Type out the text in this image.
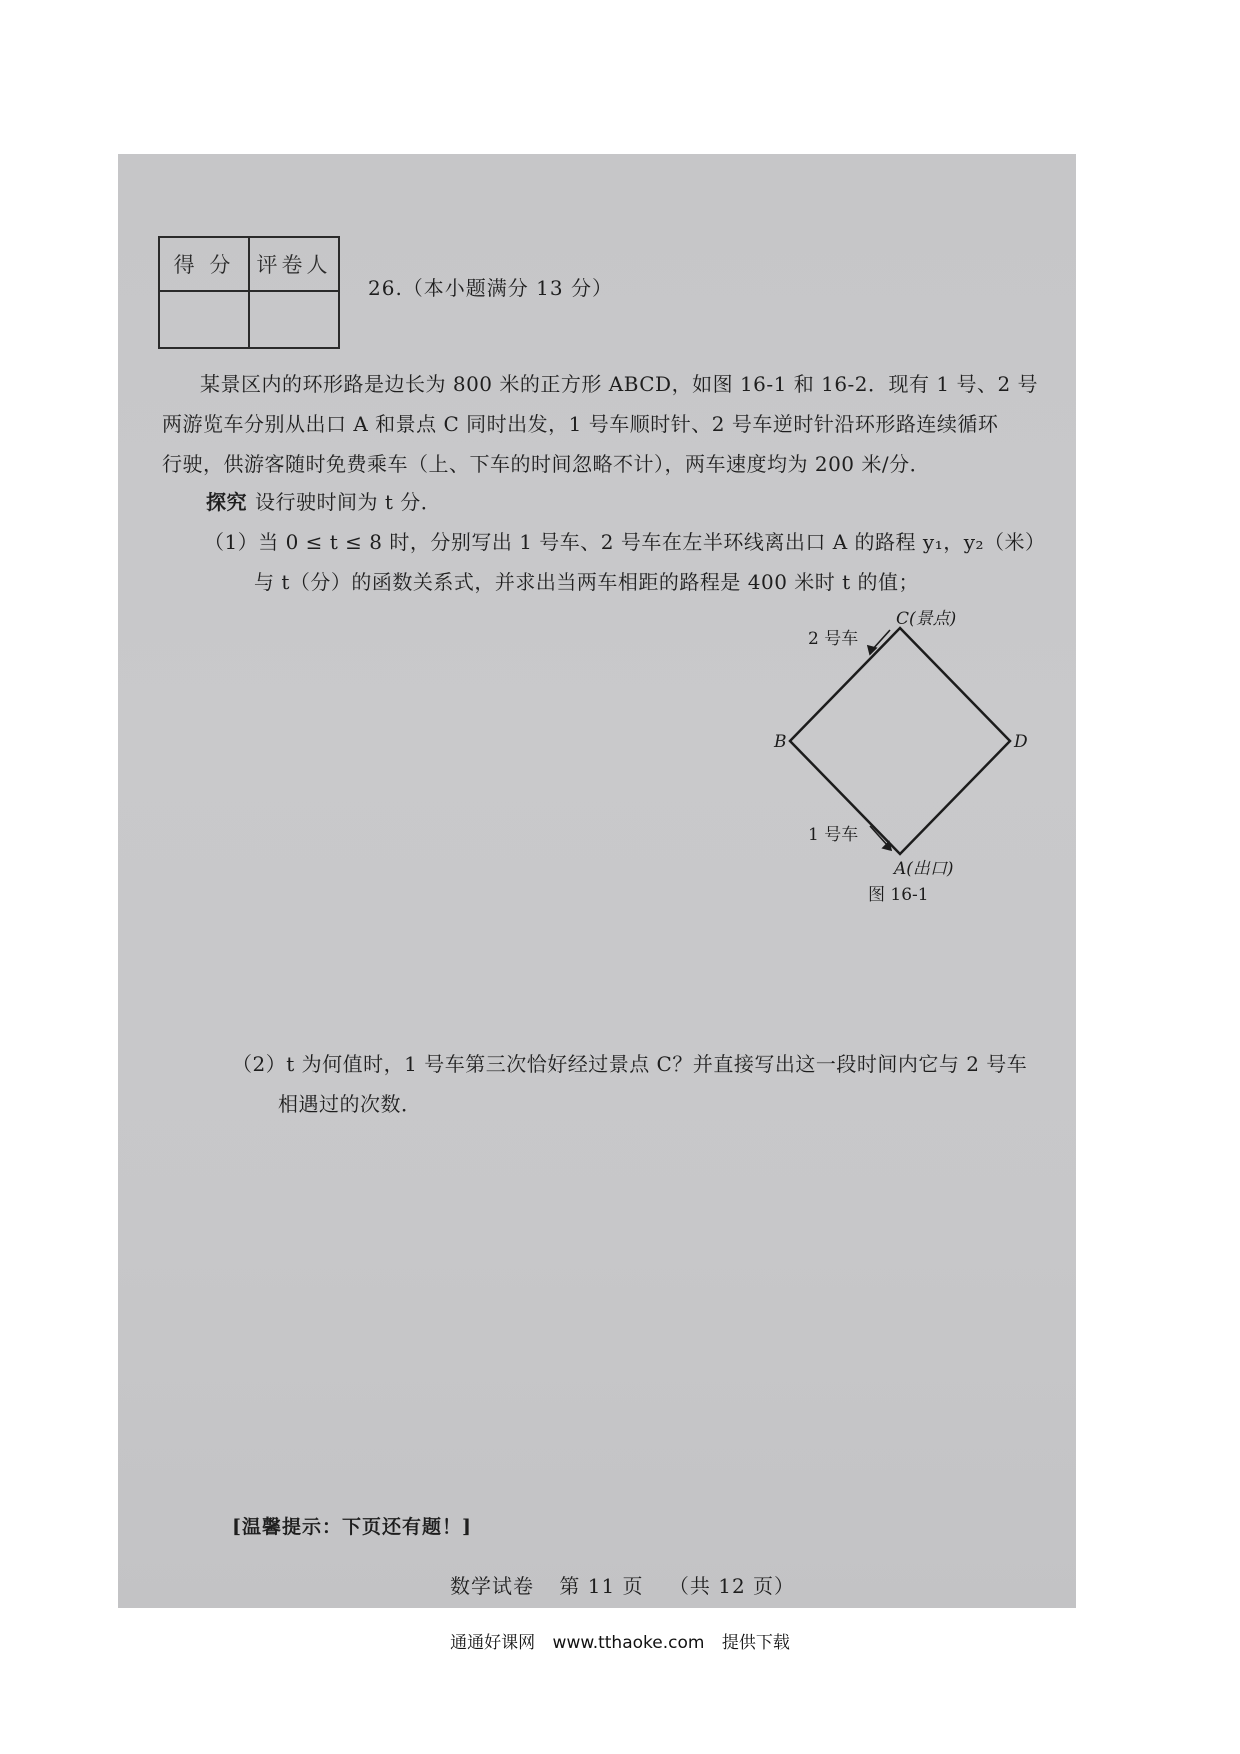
得 分	评卷人

26.（本小题满分 13 分）
某景区内的环形路是边长为 800 米的正方形 ABCD，如图 16-1 和 16-2．现有 1 号、2 号
两游览车分别从出口 A 和景点 C 同时出发，1 号车顺时针、2 号车逆时针沿环形路连续循环
行驶，供游客随时免费乘车（上、下车的时间忽略不计），两车速度均为 200 米/分．
探究 设行驶时间为 t 分．
（1）当 0 ≤ t ≤ 8 时，分别写出 1 号车、2 号车在左半环线离出口 A 的路程 y₁，y₂（米）
与 t（分）的函数关系式，并求出当两车相距的路程是 400 米时 t 的值；
C(景点)
B	D
A(出口)
2 号车
1 号车
图 16-1
（2）t 为何值时，1 号车第三次恰好经过景点 C？并直接写出这一段时间内它与 2 号车
相遇过的次数．
[温馨提示：下页还有题！]
数学试卷 第 11 页 （共 12 页）
通通好课网 www.tthaoke.com 提供下载
